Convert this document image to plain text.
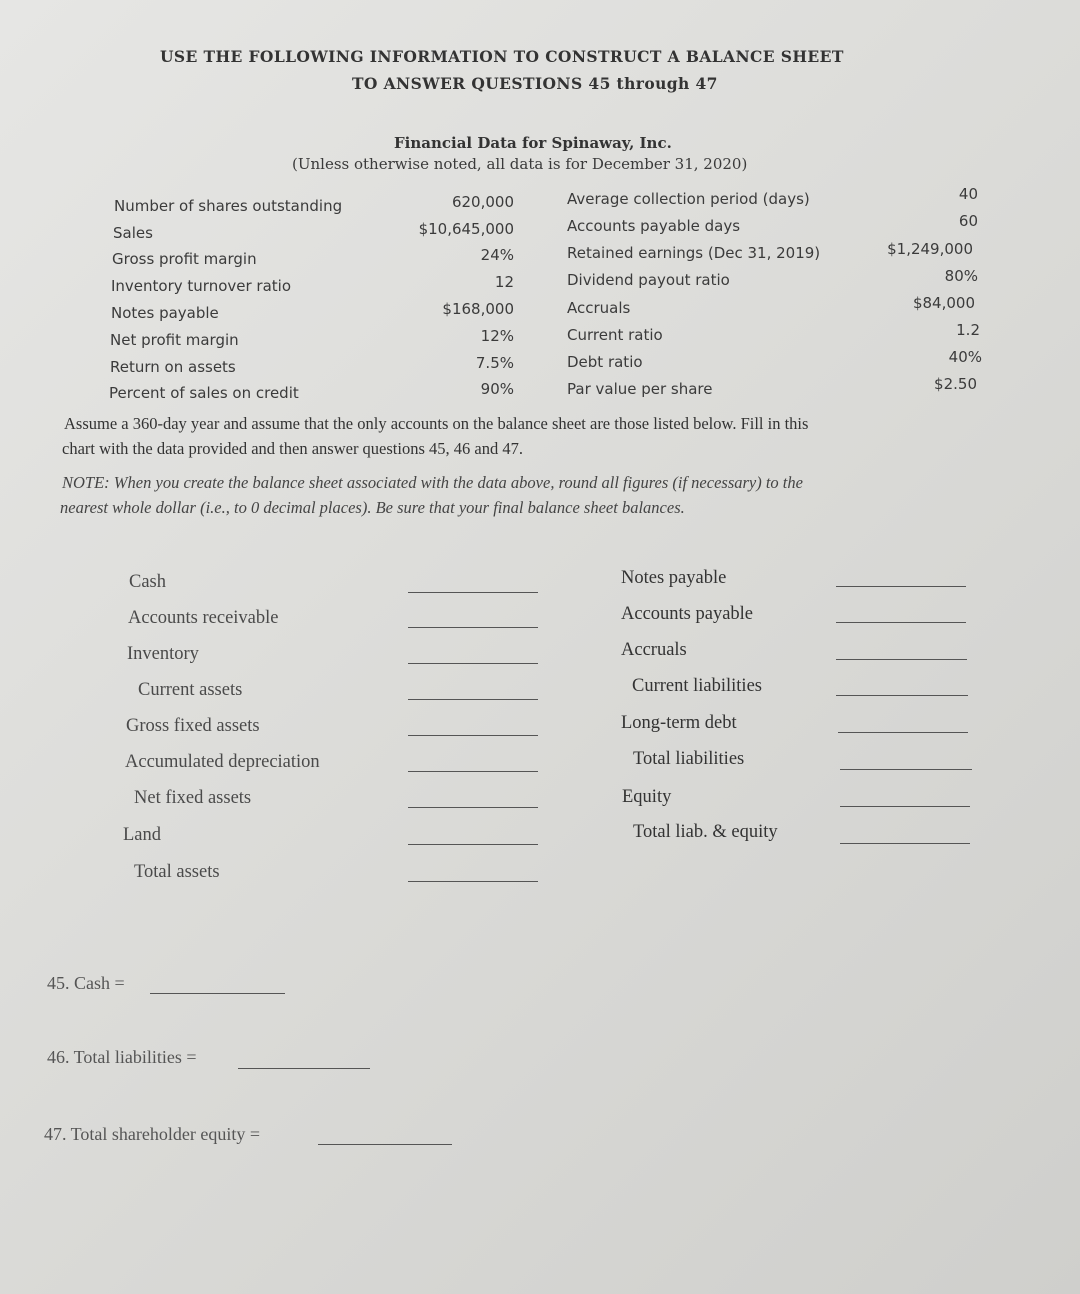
USE THE FOLLOWING INFORMATION TO CONSTRUCT A BALANCE SHEET
TO ANSWER QUESTIONS 45 through 47
Financial Data for Spinaway, Inc.
(Unless otherwise noted, all data is for December 31, 2020)
Number of shares outstanding	620,000
Sales	$10,645,000
Gross profit margin	24%
Inventory turnover ratio	12
Notes payable	$168,000
Net profit margin	12%
Return on assets	7.5%
Percent of sales on credit	90%
Average collection period (days)	40
Accounts payable days	60
Retained earnings (Dec 31, 2019)	$1,249,000
Dividend payout ratio	80%
Accruals	$84,000
Current ratio	1.2
Debt ratio	40%
Par value per share	$2.50
Assume a 360-day year and assume that the only accounts on the balance sheet are those listed below. Fill in this
chart with the data provided and then answer questions 45, 46 and 47.
NOTE: When you create the balance sheet associated with the data above, round all figures (if necessary) to the
nearest whole dollar (i.e., to 0 decimal places). Be sure that your final balance sheet balances.
Cash
Accounts receivable
Inventory
Current assets
Gross fixed assets
Accumulated depreciation
Net fixed assets
Land
Total assets
Notes payable
Accounts payable
Accruals
Current liabilities
Long-term debt
Total liabilities
Equity
Total liab. & equity
45. Cash =
46. Total liabilities =
47. Total shareholder equity =
